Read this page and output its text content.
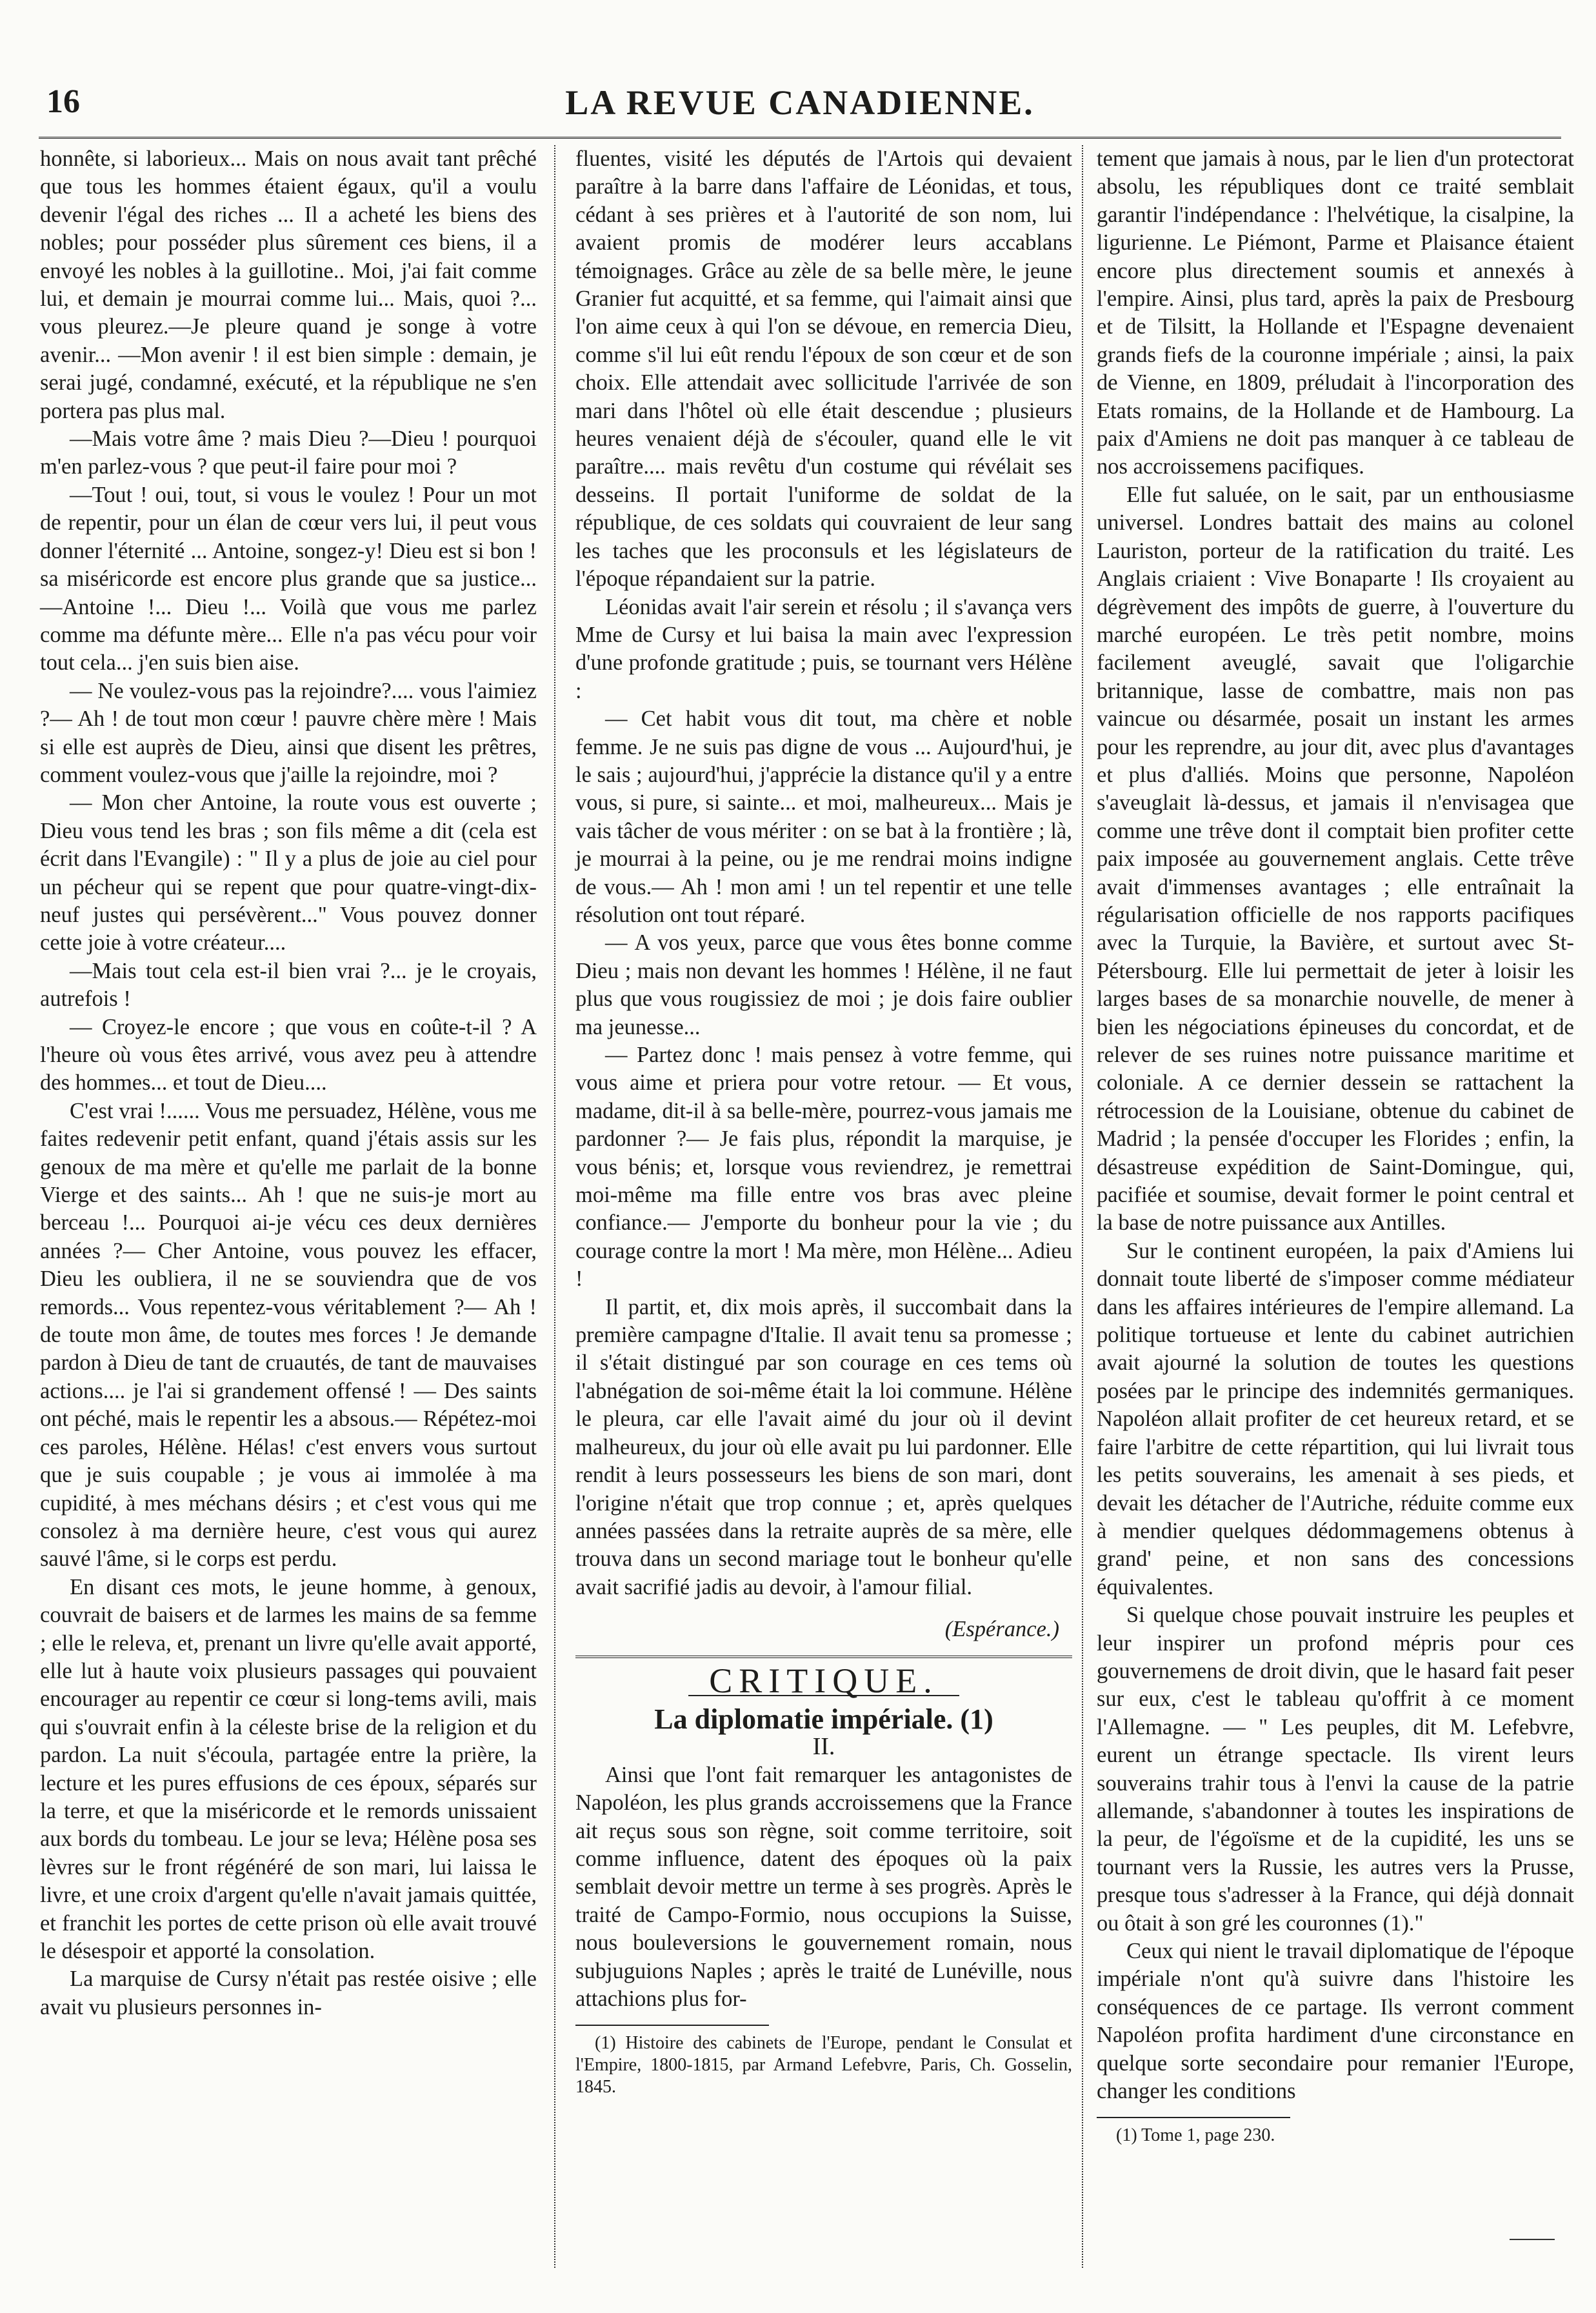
16	LA REVUE CANADIENNE.

honnête, si laborieux... Mais on nous avait tant prêché que tous les hommes étaient égaux, qu'il a voulu devenir l'égal des riches ... Il a acheté les biens des nobles; pour posséder plus sûrement ces biens, il a envoyé les nobles à la guillotine.. Moi, j'ai fait comme lui, et demain je mourrai comme lui... Mais, quoi ?... vous pleurez.—Je pleure quand je songe à votre avenir... —Mon avenir ! il est bien simple : demain, je serai jugé, condamné, exécuté, et la république ne s'en portera pas plus mal.

—Mais votre âme ? mais Dieu ?—Dieu ! pourquoi m'en parlez-vous ? que peut-il faire pour moi ?

—Tout ! oui, tout, si vous le voulez ! Pour un mot de repentir, pour un élan de cœur vers lui, il peut vous donner l'éternité ... Antoine, songez-y! Dieu est si bon ! sa miséricorde est encore plus grande que sa justice... —Antoine !... Dieu !... Voilà que vous me parlez comme ma défunte mère... Elle n'a pas vécu pour voir tout cela... j'en suis bien aise.

— Ne voulez-vous pas la rejoindre?.... vous l'aimiez ?— Ah ! de tout mon cœur ! pauvre chère mère ! Mais si elle est auprès de Dieu, ainsi que disent les prêtres, comment voulez-vous que j'aille la rejoindre, moi ?

— Mon cher Antoine, la route vous est ouverte ; Dieu vous tend les bras ; son fils même a dit (cela est écrit dans l'Evangile) : " Il y a plus de joie au ciel pour un pécheur qui se repent que pour quatre-vingt-dix-neuf justes qui persévèrent..." Vous pouvez donner cette joie à votre créateur....

—Mais tout cela est-il bien vrai ?... je le croyais, autrefois !

— Croyez-le encore ; que vous en coûte-t-il ? A l'heure où vous êtes arrivé, vous avez peu à attendre des hommes... et tout de Dieu....

C'est vrai !...... Vous me persuadez, Hélène, vous me faites redevenir petit enfant, quand j'étais assis sur les genoux de ma mère et qu'elle me parlait de la bonne Vierge et des saints... Ah ! que ne suis-je mort au berceau !... Pourquoi ai-je vécu ces deux dernières années ?— Cher Antoine, vous pouvez les effacer, Dieu les oubliera, il ne se souviendra que de vos remords... Vous repentez-vous véritablement ?— Ah ! de toute mon âme, de toutes mes forces ! Je demande pardon à Dieu de tant de cruautés, de tant de mauvaises actions.... je l'ai si grandement offensé ! — Des saints ont péché, mais le repentir les a absous.— Répétez-moi ces paroles, Hélène. Hélas! c'est envers vous surtout que je suis coupable ; je vous ai immolée à ma cupidité, à mes méchans désirs ; et c'est vous qui me consolez à ma dernière heure, c'est vous qui aurez sauvé l'âme, si le corps est perdu.

En disant ces mots, le jeune homme, à genoux, couvrait de baisers et de larmes les mains de sa femme ; elle le releva, et, prenant un livre qu'elle avait apporté, elle lut à haute voix plusieurs passages qui pouvaient encourager au repentir ce cœur si long-tems avili, mais qui s'ouvrait enfin à la céleste brise de la religion et du pardon. La nuit s'écoula, partagée entre la prière, la lecture et les pures effusions de ces époux, séparés sur la terre, et que la miséricorde et le remords unissaient aux bords du tombeau. Le jour se leva; Hélène posa ses lèvres sur le front régénéré de son mari, lui laissa le livre, et une croix d'argent qu'elle n'avait jamais quittée, et franchit les portes de cette prison où elle avait trouvé le désespoir et apporté la consolation.

La marquise de Cursy n'était pas restée oisive ; elle avait vu plusieurs personnes in-

fluentes, visité les députés de l'Artois qui devaient paraître à la barre dans l'affaire de Léonidas, et tous, cédant à ses prières et à l'autorité de son nom, lui avaient promis de modérer leurs accablans témoignages. Grâce au zèle de sa belle mère, le jeune Granier fut acquitté, et sa femme, qui l'aimait ainsi que l'on aime ceux à qui l'on se dévoue, en remercia Dieu, comme s'il lui eût rendu l'époux de son cœur et de son choix. Elle attendait avec sollicitude l'arrivée de son mari dans l'hôtel où elle était descendue ; plusieurs heures venaient déjà de s'écouler, quand elle le vit paraître.... mais revêtu d'un costume qui révélait ses desseins. Il portait l'uniforme de soldat de la république, de ces soldats qui couvraient de leur sang les taches que les proconsuls et les législateurs de l'époque répandaient sur la patrie.

Léonidas avait l'air serein et résolu ; il s'avança vers Mme de Cursy et lui baisa la main avec l'expression d'une profonde gratitude ; puis, se tournant vers Hélène :

— Cet habit vous dit tout, ma chère et noble femme. Je ne suis pas digne de vous ... Aujourd'hui, je le sais ; aujourd'hui, j'apprécie la distance qu'il y a entre vous, si pure, si sainte... et moi, malheureux... Mais je vais tâcher de vous mériter : on se bat à la frontière ; là, je mourrai à la peine, ou je me rendrai moins indigne de vous.— Ah ! mon ami ! un tel repentir et une telle résolution ont tout réparé.

— A vos yeux, parce que vous êtes bonne comme Dieu ; mais non devant les hommes ! Hélène, il ne faut plus que vous rougissiez de moi ; je dois faire oublier ma jeunesse...

— Partez donc ! mais pensez à votre femme, qui vous aime et priera pour votre retour. — Et vous, madame, dit-il à sa belle-mère, pourrez-vous jamais me pardonner ?— Je fais plus, répondit la marquise, je vous bénis; et, lorsque vous reviendrez, je remettrai moi-même ma fille entre vos bras avec pleine confiance.— J'emporte du bonheur pour la vie ; du courage contre la mort ! Ma mère, mon Hélène... Adieu !

Il partit, et, dix mois après, il succombait dans la première campagne d'Italie. Il avait tenu sa promesse ; il s'était distingué par son courage en ces tems où l'abnégation de soi-même était la loi commune. Hélène le pleura, car elle l'avait aimé du jour où il devint malheureux, du jour où elle avait pu lui pardonner. Elle rendit à leurs possesseurs les biens de son mari, dont l'origine n'était que trop connue ; et, après quelques années passées dans la retraite auprès de sa mère, elle trouva dans un second mariage tout le bonheur qu'elle avait sacrifié jadis au devoir, à l'amour filial.

(Espérance.)

CRITIQUE.

La diplomatie impériale. (1)

II.

Ainsi que l'ont fait remarquer les antagonistes de Napoléon, les plus grands accroissemens que la France ait reçus sous son règne, soit comme territoire, soit comme influence, datent des époques où la paix semblait devoir mettre un terme à ses progrès. Après le traité de Campo-Formio, nous occupions la Suisse, nous bouleversions le gouvernement romain, nous subjuguions Naples ; après le traité de Lunéville, nous attachions plus for-

(1) Histoire des cabinets de l'Europe, pendant le Consulat et l'Empire, 1800-1815, par Armand Lefebvre, Paris, Ch. Gosselin, 1845.

tement que jamais à nous, par le lien d'un protectorat absolu, les républiques dont ce traité semblait garantir l'indépendance : l'helvétique, la cisalpine, la ligurienne. Le Piémont, Parme et Plaisance étaient encore plus directement soumis et annexés à l'empire. Ainsi, plus tard, après la paix de Presbourg et de Tilsitt, la Hollande et l'Espagne devenaient grands fiefs de la couronne impériale ; ainsi, la paix de Vienne, en 1809, préludait à l'incorporation des Etats romains, de la Hollande et de Hambourg. La paix d'Amiens ne doit pas manquer à ce tableau de nos accroissemens pacifiques.

Elle fut saluée, on le sait, par un enthousiasme universel. Londres battait des mains au colonel Lauriston, porteur de la ratification du traité. Les Anglais criaient : Vive Bonaparte ! Ils croyaient au dégrèvement des impôts de guerre, à l'ouverture du marché européen. Le très petit nombre, moins facilement aveuglé, savait que l'oligarchie britannique, lasse de combattre, mais non pas vaincue ou désarmée, posait un instant les armes pour les reprendre, au jour dit, avec plus d'avantages et plus d'alliés. Moins que personne, Napoléon s'aveuglait là-dessus, et jamais il n'envisagea que comme une trêve dont il comptait bien profiter cette paix imposée au gouvernement anglais. Cette trêve avait d'immenses avantages ; elle entraînait la régularisation officielle de nos rapports pacifiques avec la Turquie, la Bavière, et surtout avec St-Pétersbourg. Elle lui permettait de jeter à loisir les larges bases de sa monarchie nouvelle, de mener à bien les négociations épineuses du concordat, et de relever de ses ruines notre puissance maritime et coloniale. A ce dernier dessein se rattachent la rétrocession de la Louisiane, obtenue du cabinet de Madrid ; la pensée d'occuper les Florides ; enfin, la désastreuse expédition de Saint-Domingue, qui, pacifiée et soumise, devait former le point central et la base de notre puissance aux Antilles.

Sur le continent européen, la paix d'Amiens lui donnait toute liberté de s'imposer comme médiateur dans les affaires intérieures de l'empire allemand. La politique tortueuse et lente du cabinet autrichien avait ajourné la solution de toutes les questions posées par le principe des indemnités germaniques. Napoléon allait profiter de cet heureux retard, et se faire l'arbitre de cette répartition, qui lui livrait tous les petits souverains, les amenait à ses pieds, et devait les détacher de l'Autriche, réduite comme eux à mendier quelques dédommagemens obtenus à grand' peine, et non sans des concessions équivalentes.

Si quelque chose pouvait instruire les peuples et leur inspirer un profond mépris pour ces gouvernemens de droit divin, que le hasard fait peser sur eux, c'est le tableau qu'offrit à ce moment l'Allemagne. — " Les peuples, dit M. Lefebvre, eurent un étrange spectacle. Ils virent leurs souverains trahir tous à l'envi la cause de la patrie allemande, s'abandonner à toutes les inspirations de la peur, de l'égoïsme et de la cupidité, les uns se tournant vers la Russie, les autres vers la Prusse, presque tous s'adresser à la France, qui déjà donnait ou ôtait à son gré les couronnes (1)."

Ceux qui nient le travail diplomatique de l'époque impériale n'ont qu'à suivre dans l'histoire les conséquences de ce partage. Ils verront comment Napoléon profita hardiment d'une circonstance en quelque sorte secondaire pour remanier l'Europe, changer les conditions

(1) Tome 1, page 230.
